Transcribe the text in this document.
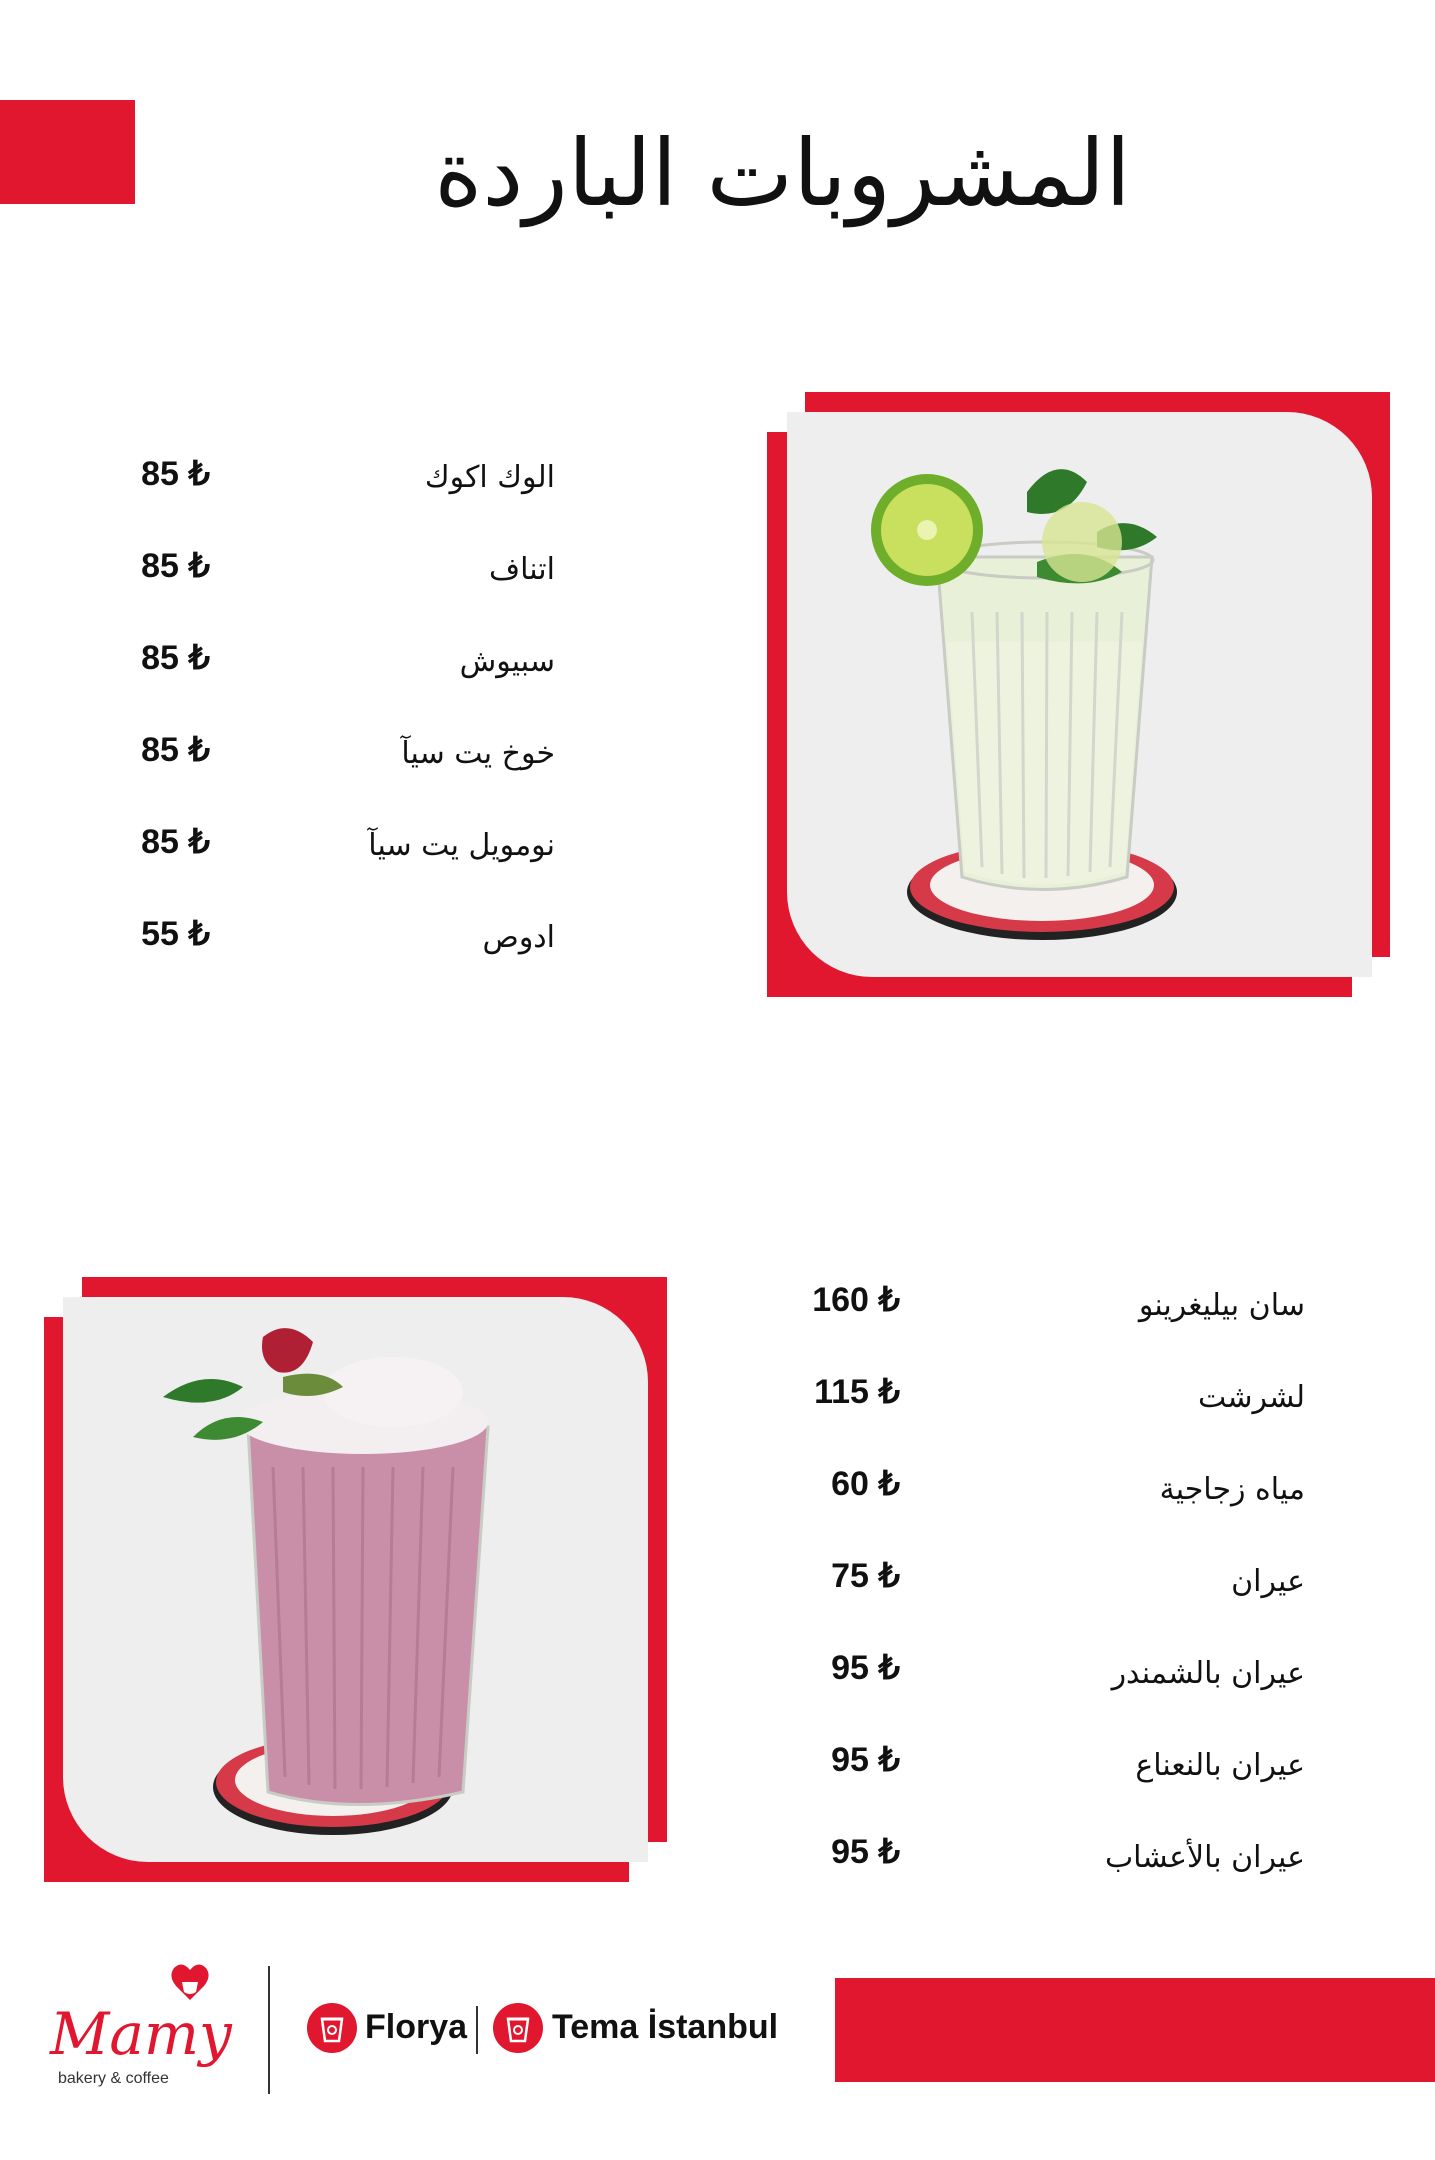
المشروبات الباردة
الوك اكوك
85 ₺
اتناف
85 ₺
سبيوش
85 ₺
خوخ يت سيآ
85 ₺
نومويل يت سيآ
85 ₺
ادوص
55 ₺
سان بيليغرينو
160 ₺
لشرشت
115 ₺
مياه زجاجية
60 ₺
عيران
75 ₺
عيران بالشمندر
95 ₺
عيران بالنعناع
95 ₺
عيران بالأعشاب
95 ₺
Mamy
bakery & coffee
Florya Tema İstanbul
